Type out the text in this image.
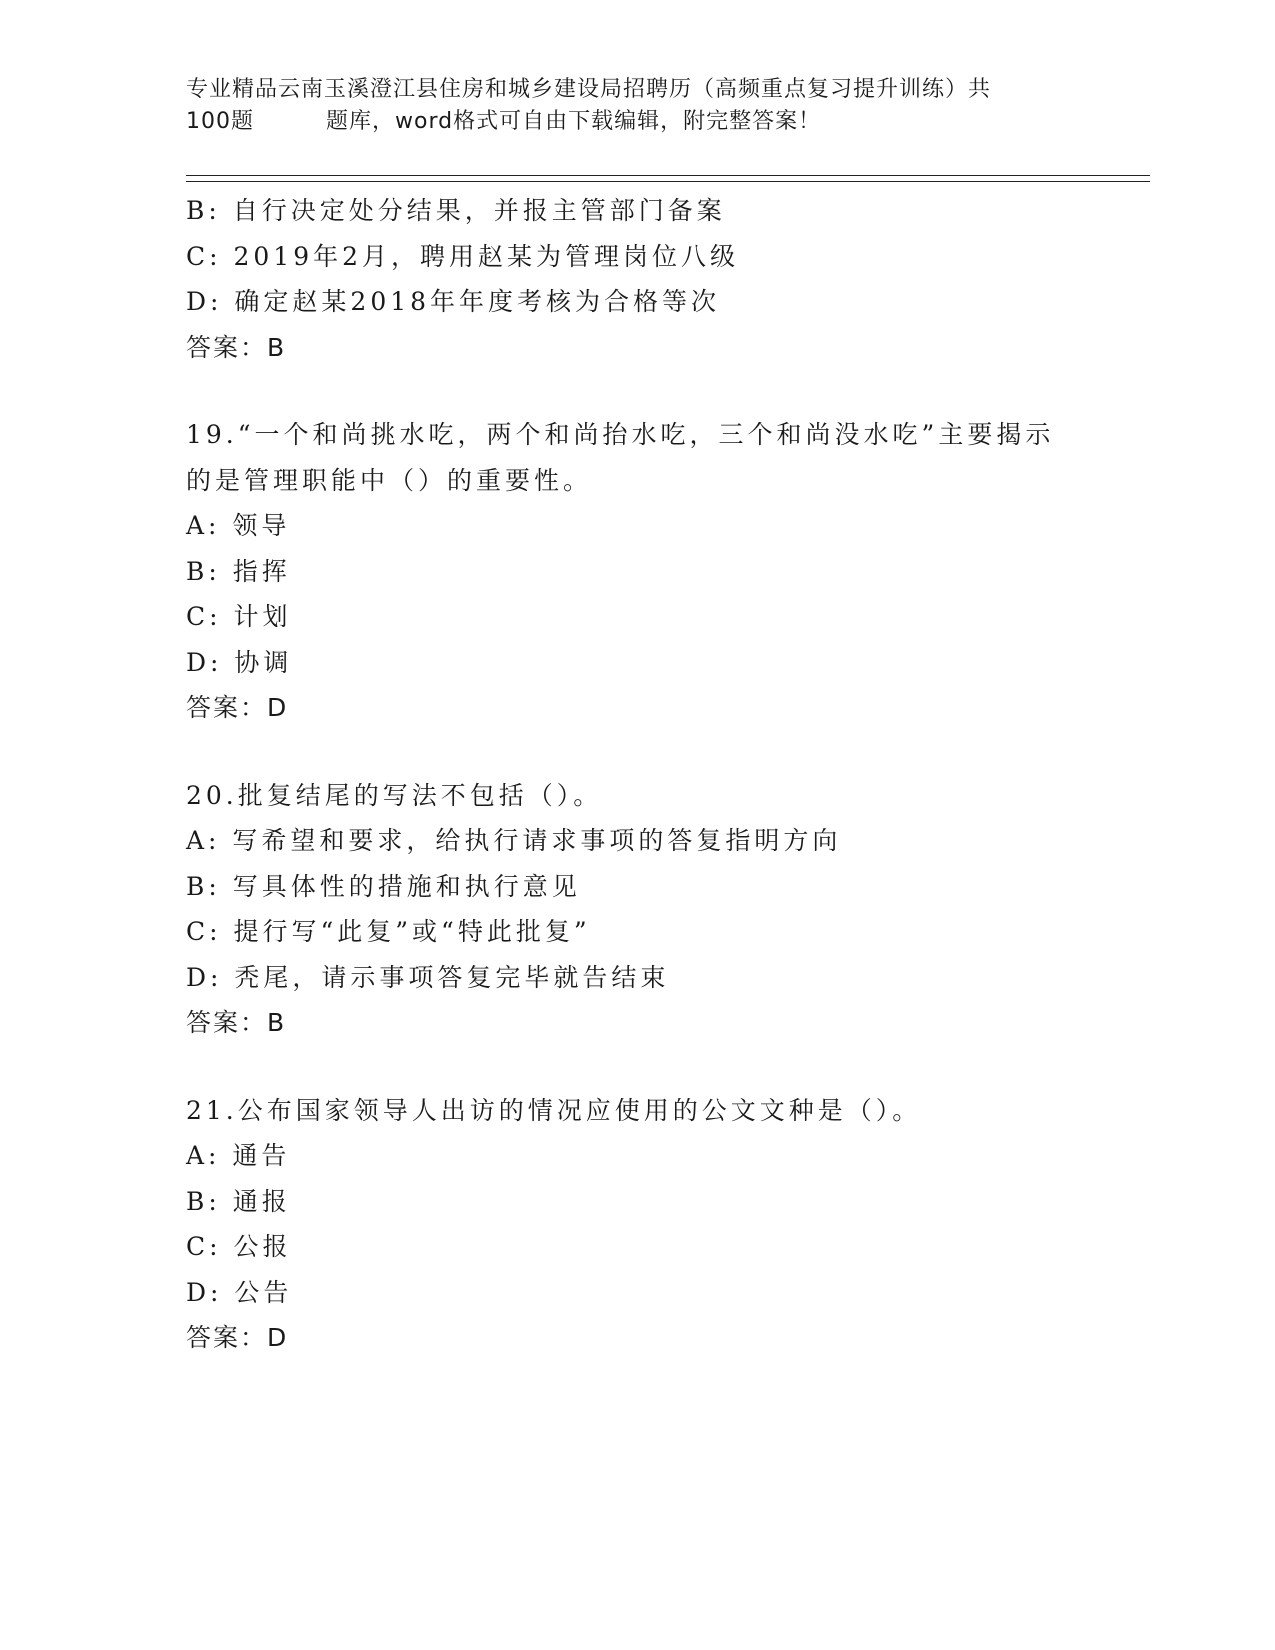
专业精品云南玉溪澄江县住房和城乡建设局招聘历（高频重点复习提升训练）共

100题	题库，word格式可自由下载编辑，附完整答案！
B: 自行决定处分结果，并报主管部门备案
C: 2019年2月，聘用赵某为管理岗位八级
D: 确定赵某2018年年度考核为合格等次
答案：B
19.“一个和尚挑水吃，两个和尚抬水吃，三个和尚没水吃”主要揭示的是管理职能中（）的重要性。
A: 领导
B: 指挥
C: 计划
D: 协调
答案：D
20.批复结尾的写法不包括（）。
A: 写希望和要求，给执行请求事项的答复指明方向
B: 写具体性的措施和执行意见
C: 提行写“此复”或“特此批复”
D: 秃尾，请示事项答复完毕就告结束
答案：B
21.公布国家领导人出访的情况应使用的公文文种是（）。
A: 通告
B: 通报
C: 公报
D: 公告
答案：D
